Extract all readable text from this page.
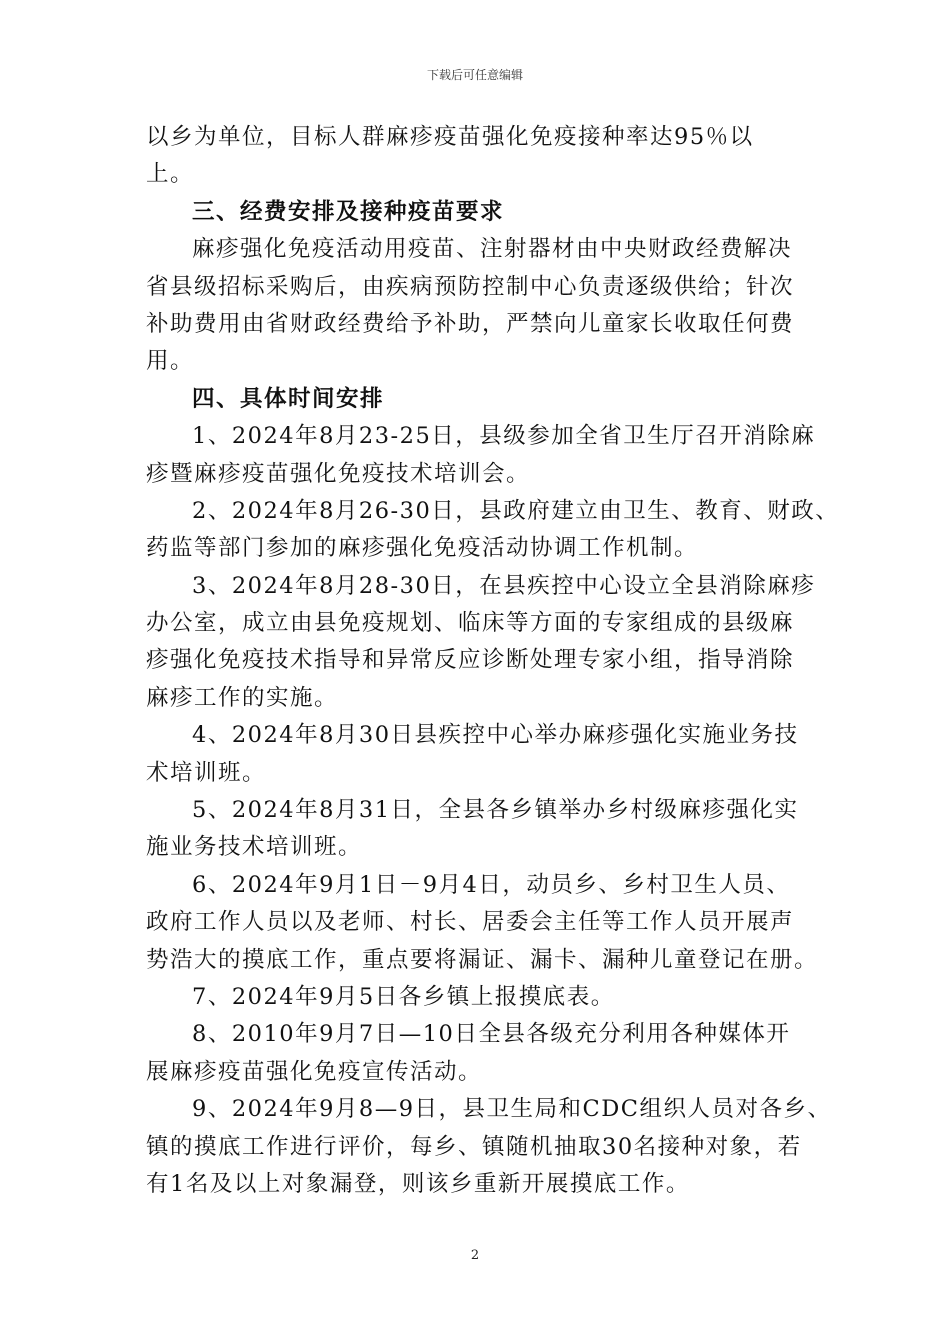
下载后可任意编辑
以乡为单位，目标人群麻疹疫苗强化免疫接种率达95％以
上。
三、经费安排及接种疫苗要求
麻疹强化免疫活动用疫苗、注射器材由中央财政经费解决
省县级招标采购后，由疾病预防控制中心负责逐级供给；针次
补助费用由省财政经费给予补助，严禁向儿童家长收取任何费
用。
四、具体时间安排
1、2024年8月23-25日，县级参加全省卫生厅召开消除麻
疹暨麻疹疫苗强化免疫技术培训会。
2、2024年8月26-30日，县政府建立由卫生、教育、财政、
药监等部门参加的麻疹强化免疫活动协调工作机制。
3、2024年8月28-30日，在县疾控中心设立全县消除麻疹
办公室，成立由县免疫规划、临床等方面的专家组成的县级麻
疹强化免疫技术指导和异常反应诊断处理专家小组，指导消除
麻疹工作的实施。
4、2024年8月30日县疾控中心举办麻疹强化实施业务技
术培训班。
5、2024年8月31日，全县各乡镇举办乡村级麻疹强化实
施业务技术培训班。
6、2024年9月1日－9月4日，动员乡、乡村卫生人员、
政府工作人员以及老师、村长、居委会主任等工作人员开展声
势浩大的摸底工作，重点要将漏证、漏卡、漏种儿童登记在册。
7、2024年9月5日各乡镇上报摸底表。
8、2010年9月7日—10日全县各级充分利用各种媒体开
展麻疹疫苗强化免疫宣传活动。
9、2024年9月8—9日，县卫生局和CDC组织人员对各乡、
镇的摸底工作进行评价，每乡、镇随机抽取30名接种对象，若
有1名及以上对象漏登，则该乡重新开展摸底工作。
2
